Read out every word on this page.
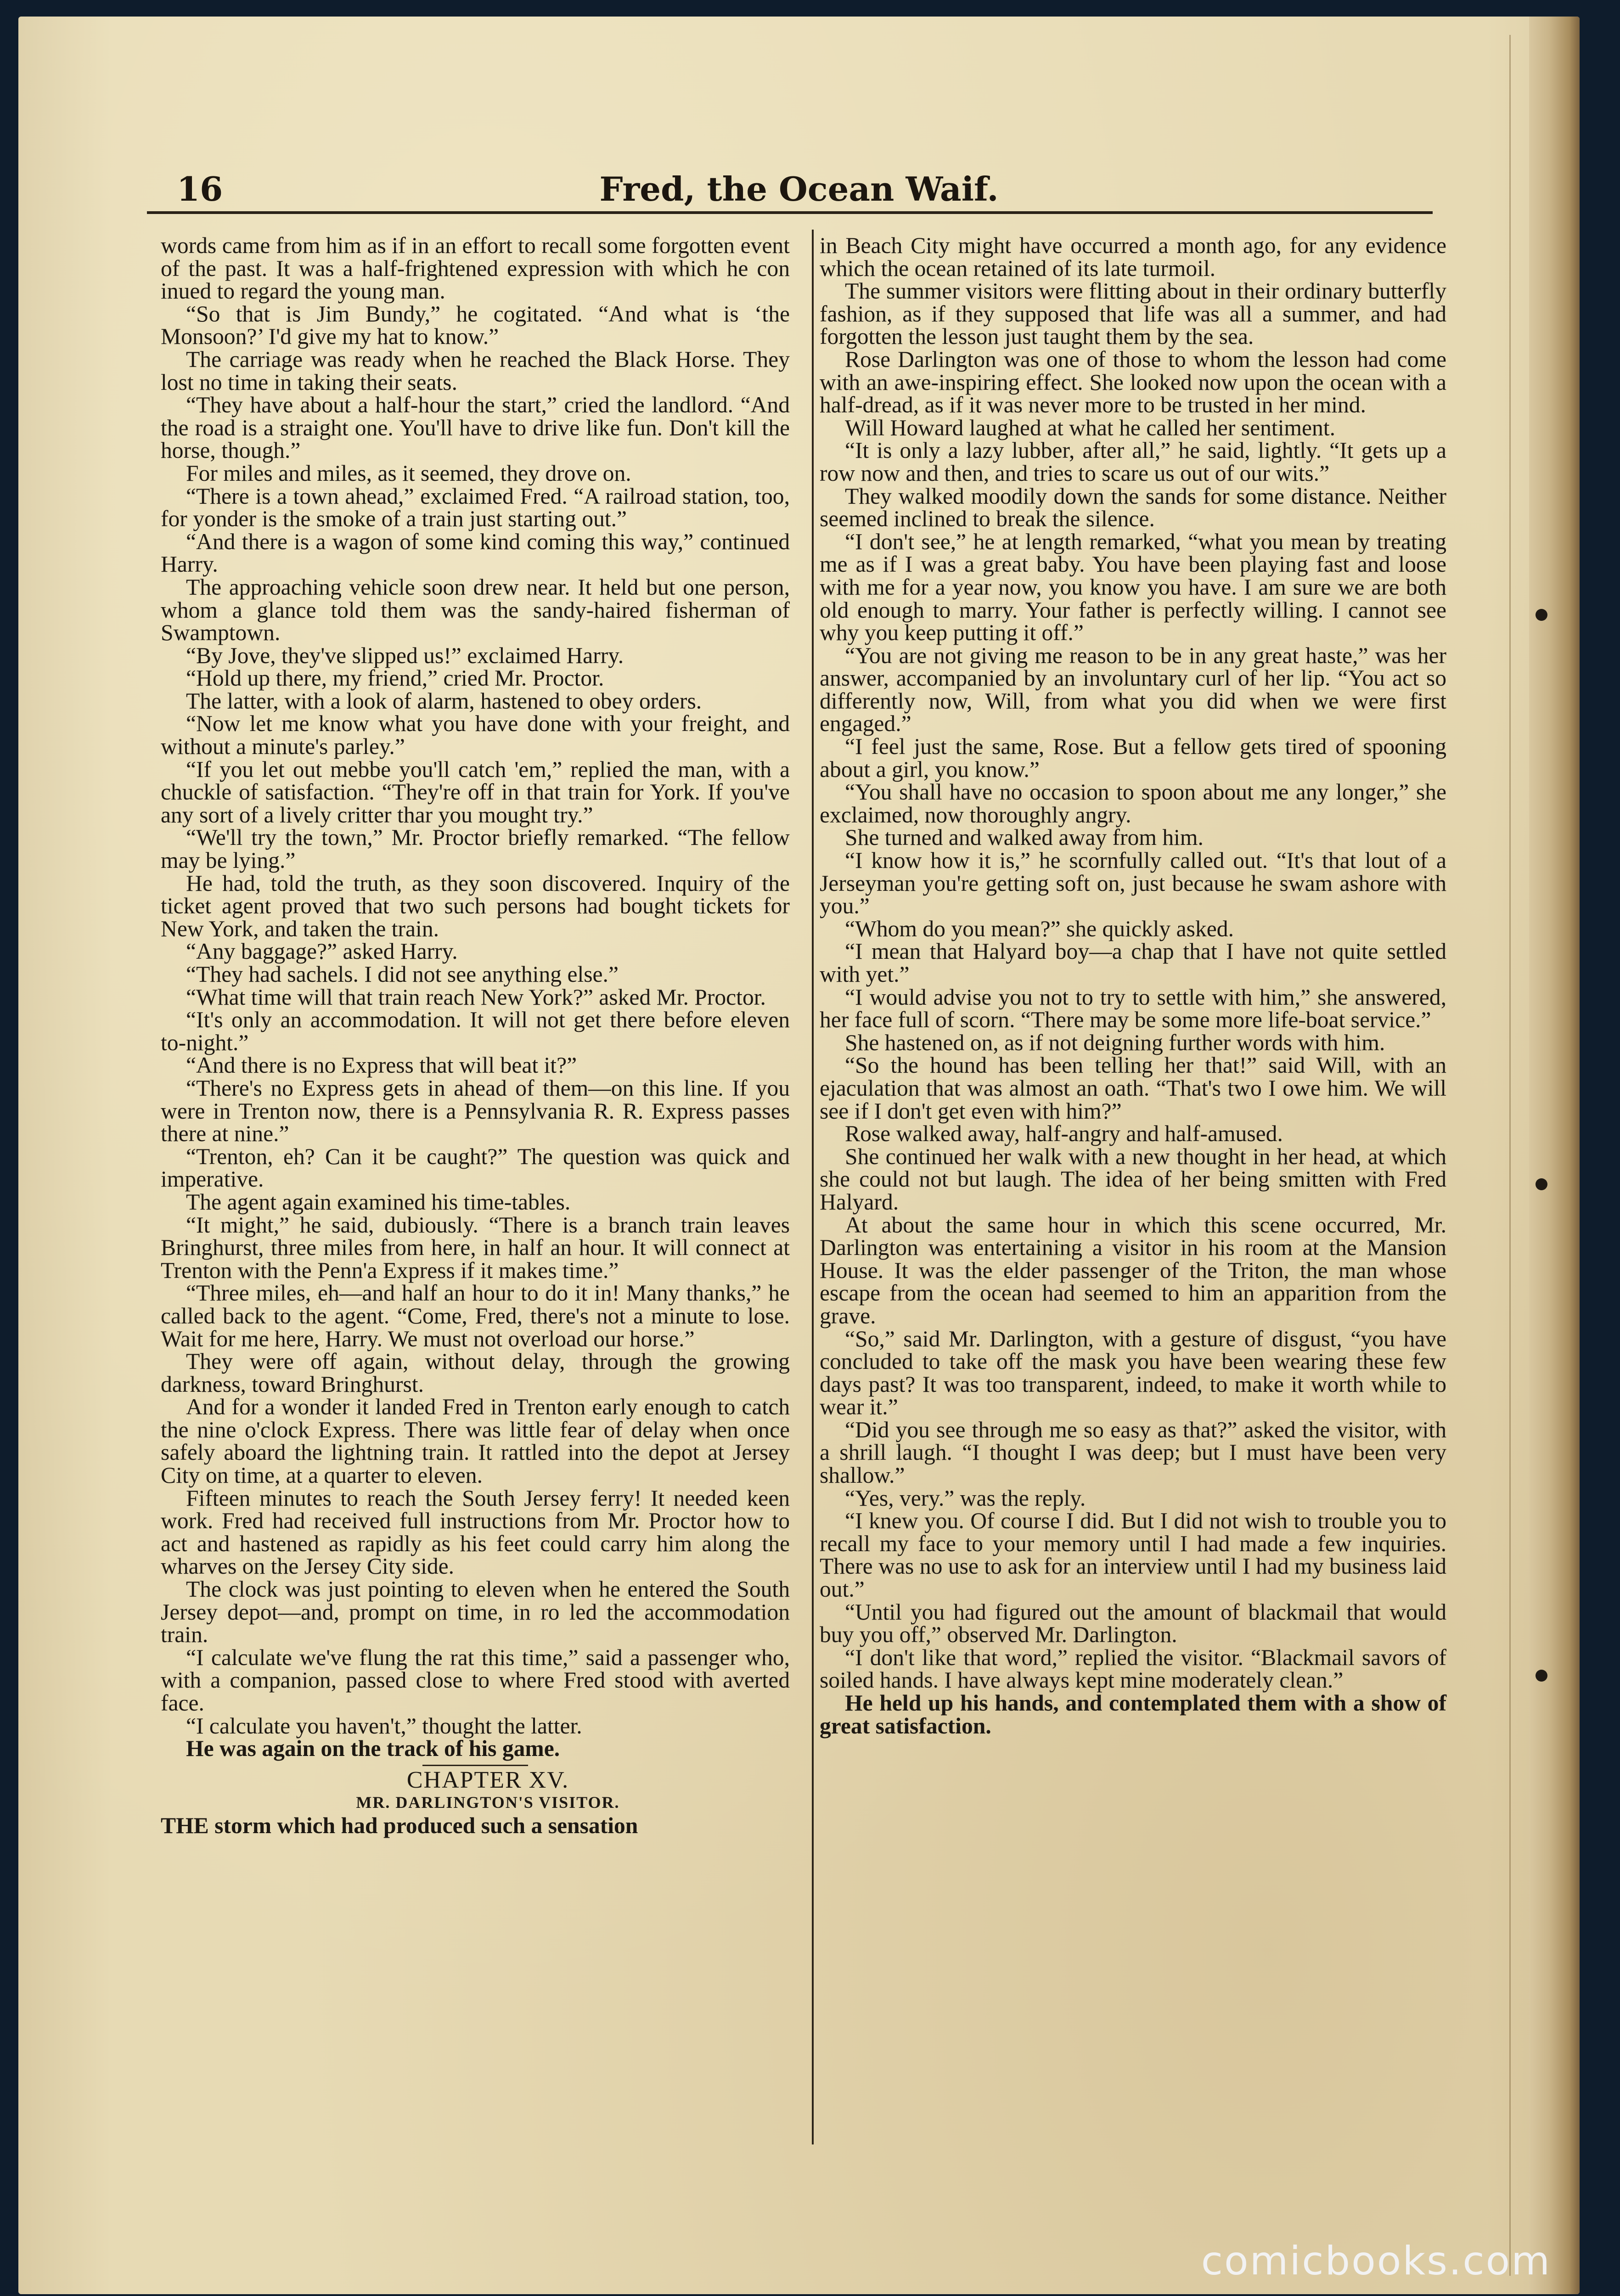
16	Fred, the Ocean Waif.

words came from him as if in an effort to recall some forgotten event of the past. It was a half-frightened expression with which he con inued to regard the young man.

“So that is Jim Bundy,” he cogitated. “And what is ‘the Monsoon?’ I'd give my hat to know.”

The carriage was ready when he reached the Black Horse. They lost no time in taking their seats.

“They have about a half-hour the start,” cried the landlord. “And the road is a straight one. You'll have to drive like fun. Don't kill the horse, though.”

For miles and miles, as it seemed, they drove on.

“There is a town ahead,” exclaimed Fred. “A railroad station, too, for yonder is the smoke of a train just starting out.”

“And there is a wagon of some kind coming this way,” continued Harry.

The approaching vehicle soon drew near. It held but one person, whom a glance told them was the sandy-haired fisherman of Swamptown.

“By Jove, they've slipped us!” exclaimed Harry.

“Hold up there, my friend,” cried Mr. Proctor.

The latter, with a look of alarm, hastened to obey orders.

“Now let me know what you have done with your freight, and without a minute's parley.”

“If you let out mebbe you'll catch 'em,” replied the man, with a chuckle of satisfaction. “They're off in that train for York. If you've any sort of a lively critter thar you mought try.”

“We'll try the town,” Mr. Proctor briefly remarked. “The fellow may be lying.”

He had, told the truth, as they soon discovered. Inquiry of the ticket agent proved that two such persons had bought tickets for New York, and taken the train.

“Any baggage?” asked Harry.

“They had sachels. I did not see anything else.”

“What time will that train reach New York?” asked Mr. Proctor.

“It's only an accommodation. It will not get there before eleven to-night.”

“And there is no Express that will beat it?”

“There's no Express gets in ahead of them—on this line. If you were in Trenton now, there is a Pennsylvania R. R. Express passes there at nine.”

“Trenton, eh? Can it be caught?” The question was quick and imperative.

The agent again examined his time-tables.

“It might,” he said, dubiously. “There is a branch train leaves Bringhurst, three miles from here, in half an hour. It will connect at Trenton with the Penn'a Express if it makes time.”

“Three miles, eh—and half an hour to do it in! Many thanks,” he called back to the agent. “Come, Fred, there's not a minute to lose. Wait for me here, Harry. We must not overload our horse.”

They were off again, without delay, through the growing darkness, toward Bringhurst.

And for a wonder it landed Fred in Trenton early enough to catch the nine o'clock Express. There was little fear of delay when once safely aboard the lightning train. It rattled into the depot at Jersey City on time, at a quarter to eleven.

Fifteen minutes to reach the South Jersey ferry! It needed keen work. Fred had received full instructions from Mr. Proctor how to act and hastened as rapidly as his feet could carry him along the wharves on the Jersey City side.

The clock was just pointing to eleven when he entered the South Jersey depot—and, prompt on time, in ro led the accommodation train.

“I calculate we've flung the rat this time,” said a passenger who, with a companion, passed close to where Fred stood with averted face.

“I calculate you haven't,” thought the latter.

He was again on the track of his game.

CHAPTER XV.

MR. DARLINGTON'S VISITOR.

THE storm which had produced such a sensation

in Beach City might have occurred a month ago, for any evidence which the ocean retained of its late turmoil.

The summer visitors were flitting about in their ordinary butterfly fashion, as if they supposed that life was all a summer, and had forgotten the lesson just taught them by the sea.

Rose Darlington was one of those to whom the lesson had come with an awe-inspiring effect. She looked now upon the ocean with a half-dread, as if it was never more to be trusted in her mind.

Will Howard laughed at what he called her sentiment.

“It is only a lazy lubber, after all,” he said, lightly. “It gets up a row now and then, and tries to scare us out of our wits.”

They walked moodily down the sands for some distance. Neither seemed inclined to break the silence.

“I don't see,” he at length remarked, “what you mean by treating me as if I was a great baby. You have been playing fast and loose with me for a year now, you know you have. I am sure we are both old enough to marry. Your father is perfectly willing. I cannot see why you keep putting it off.”

“You are not giving me reason to be in any great haste,” was her answer, accompanied by an involuntary curl of her lip. “You act so differently now, Will, from what you did when we were first engaged.”

“I feel just the same, Rose. But a fellow gets tired of spooning about a girl, you know.”

“You shall have no occasion to spoon about me any longer,” she exclaimed, now thoroughly angry.

She turned and walked away from him.

“I know how it is,” he scornfully called out. “It's that lout of a Jerseyman you're getting soft on, just because he swam ashore with you.”

“Whom do you mean?” she quickly asked.

“I mean that Halyard boy—a chap that I have not quite settled with yet.”

“I would advise you not to try to settle with him,” she answered, her face full of scorn. “There may be some more life-boat service.”

She hastened on, as if not deigning further words with him.

“So the hound has been telling her that!” said Will, with an ejaculation that was almost an oath. “That's two I owe him. We will see if I don't get even with him?”

Rose walked away, half-angry and half-amused.

She continued her walk with a new thought in her head, at which she could not but laugh. The idea of her being smitten with Fred Halyard.

At about the same hour in which this scene occurred, Mr. Darlington was entertaining a visitor in his room at the Mansion House. It was the elder passenger of the Triton, the man whose escape from the ocean had seemed to him an apparition from the grave.

“So,” said Mr. Darlington, with a gesture of disgust, “you have concluded to take off the mask you have been wearing these few days past? It was too transparent, indeed, to make it worth while to wear it.”

“Did you see through me so easy as that?” asked the visitor, with a shrill laugh. “I thought I was deep; but I must have been very shallow.”

“Yes, very.” was the reply.

“I knew you. Of course I did. But I did not wish to trouble you to recall my face to your memory until I had made a few inquiries. There was no use to ask for an interview until I had my business laid out.”

“Until you had figured out the amount of blackmail that would buy you off,” observed Mr. Darlington.

“I don't like that word,” replied the visitor. “Blackmail savors of soiled hands. I have always kept mine moderately clean.”

He held up his hands, and contemplated them with a show of great satisfaction.

comicbooks.com
